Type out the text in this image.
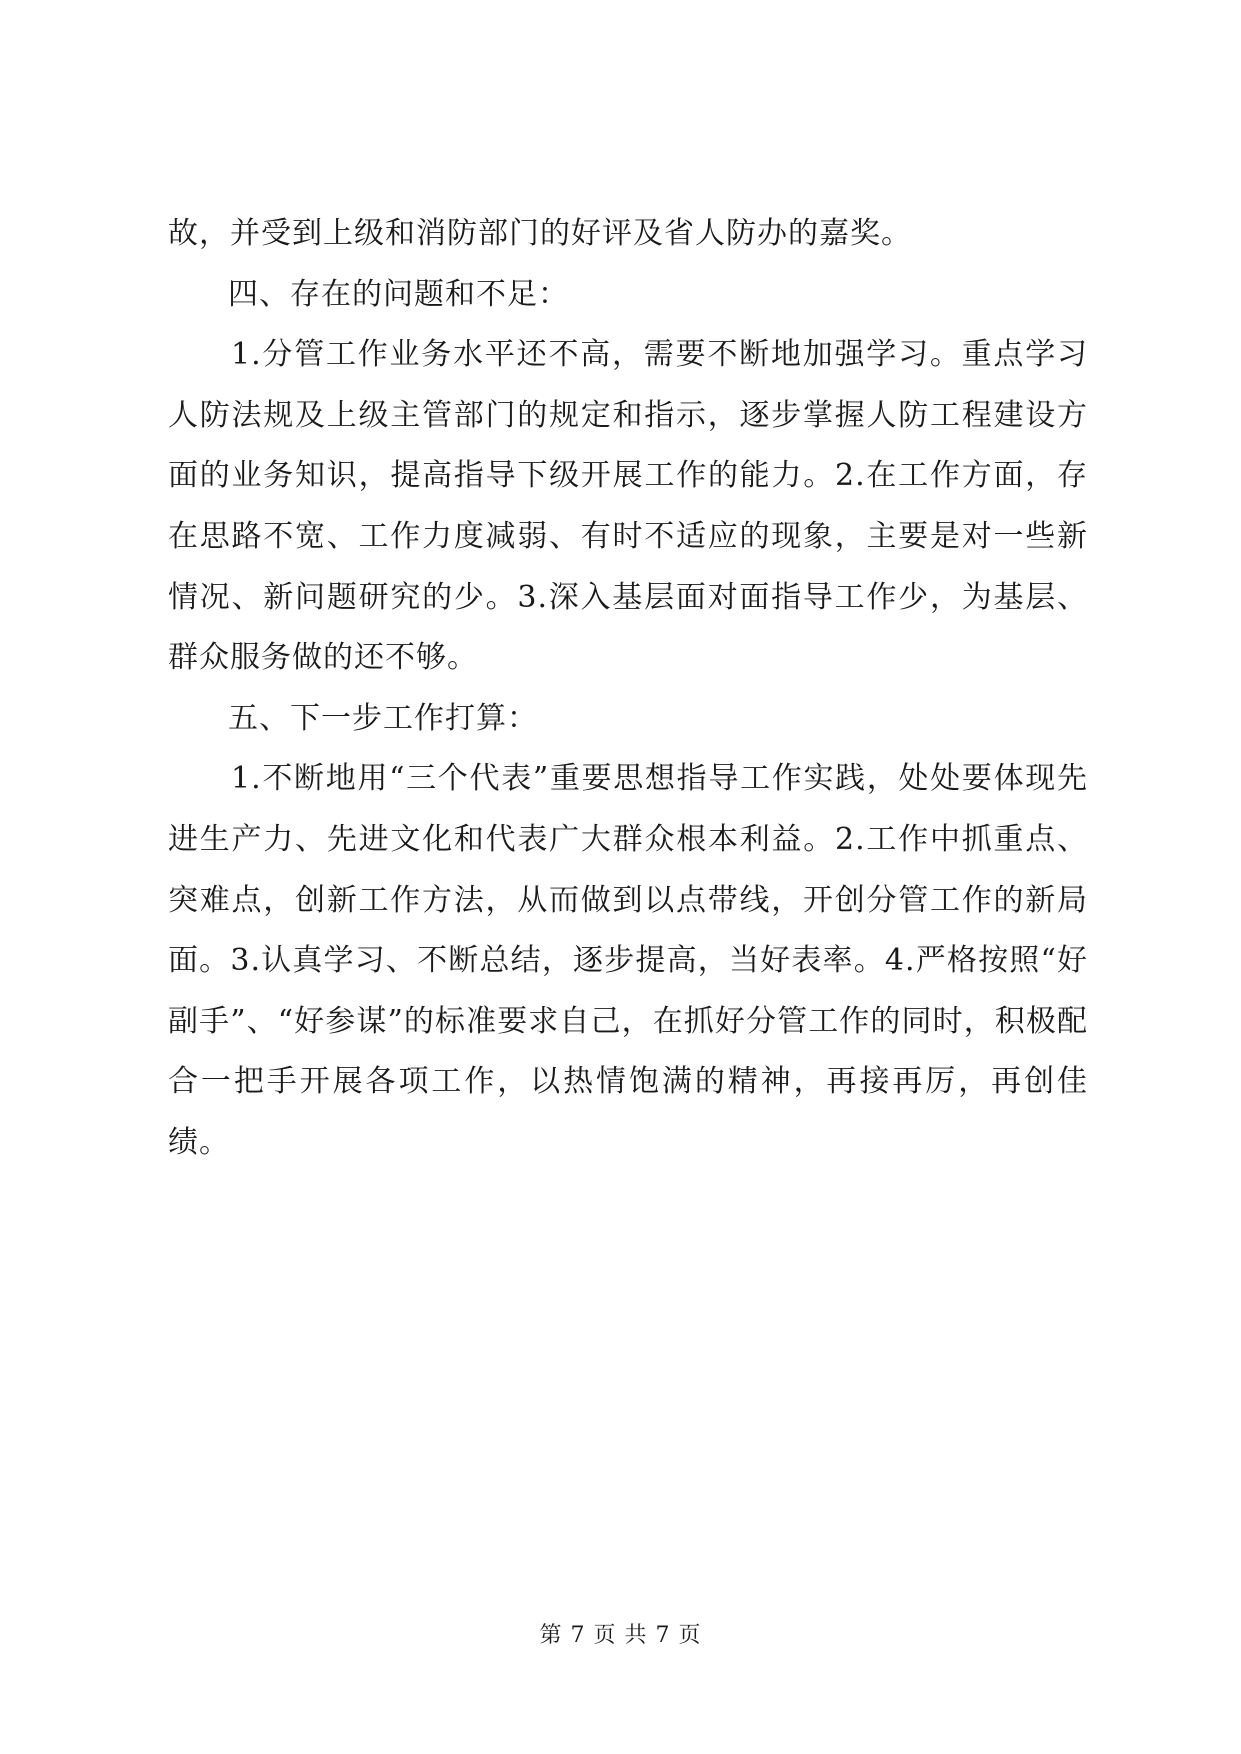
故，并受到上级和消防部门的好评及省人防办的嘉奖。

四、存在的问题和不足：

1.分管工作业务水平还不高，需要不断地加强学习。重点学习人防法规及上级主管部门的规定和指示，逐步掌握人防工程建设方面的业务知识，提高指导下级开展工作的能力。2.在工作方面，存在思路不宽、工作力度减弱、有时不适应的现象，主要是对一些新情况、新问题研究的少。3.深入基层面对面指导工作少，为基层、群众服务做的还不够。

五、下一步工作打算：

1.不断地用“三个代表”重要思想指导工作实践，处处要体现先进生产力、先进文化和代表广大群众根本利益。2.工作中抓重点、突难点，创新工作方法，从而做到以点带线，开创分管工作的新局面。3.认真学习、不断总结，逐步提高，当好表率。4.严格按照“好副手”、“好参谋”的标准要求自己，在抓好分管工作的同时，积极配合一把手开展各项工作，以热情饱满的精神，再接再厉，再创佳绩。

第 7 页 共 7 页
